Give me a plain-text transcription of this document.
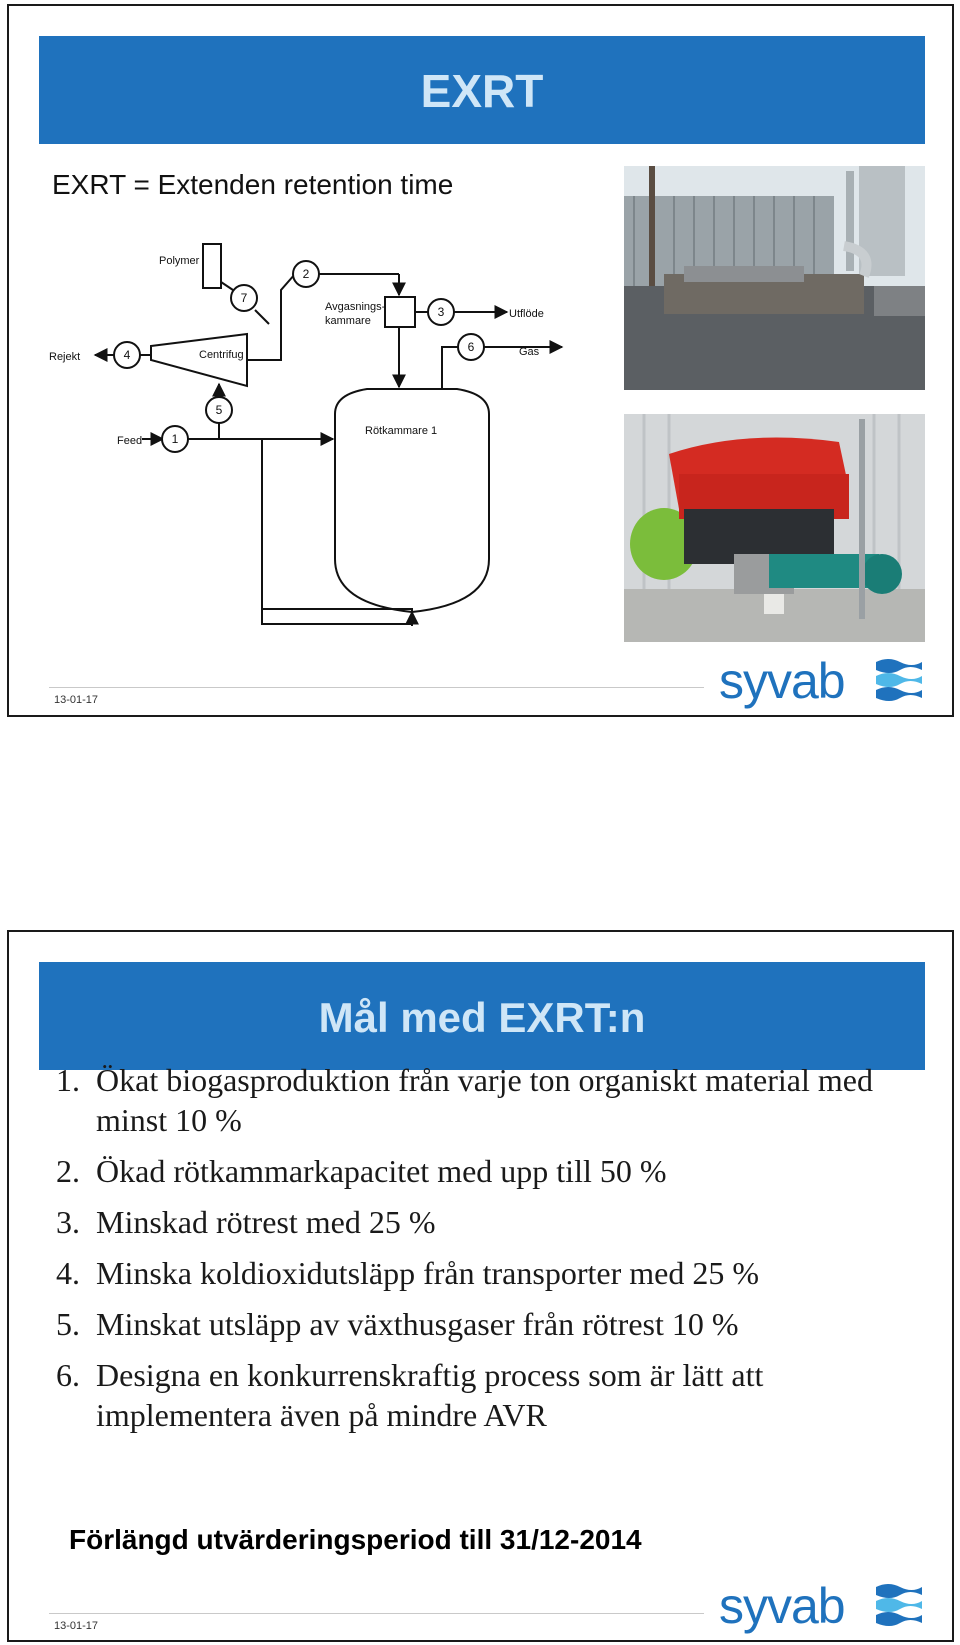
EXRT
EXRT = Extenden retention time
1
2
3
4
5
6
7
Polymer
Avgasnings-
kammare
Utflöde
Gas
Rejekt	Centrifug
Feed
Rötkammare 1
13-01-17	syvab
Mål med EXRT:n
1. Ökat biogasproduktion från varje ton organiskt material med minst 10 %
2. Ökad rötkammarkapacitet med upp till 50 %
3. Minskad rötrest med 25 %
4. Minska koldioxidutsläpp från transporter med 25 %
5. Minskat utsläpp av växthusgaser från rötrest 10 %
6. Designa en konkurrenskraftig process som är lätt att implementera även på mindre AVR
Förlängd utvärderingsperiod till 31/12-2014
13-01-17	syvab
